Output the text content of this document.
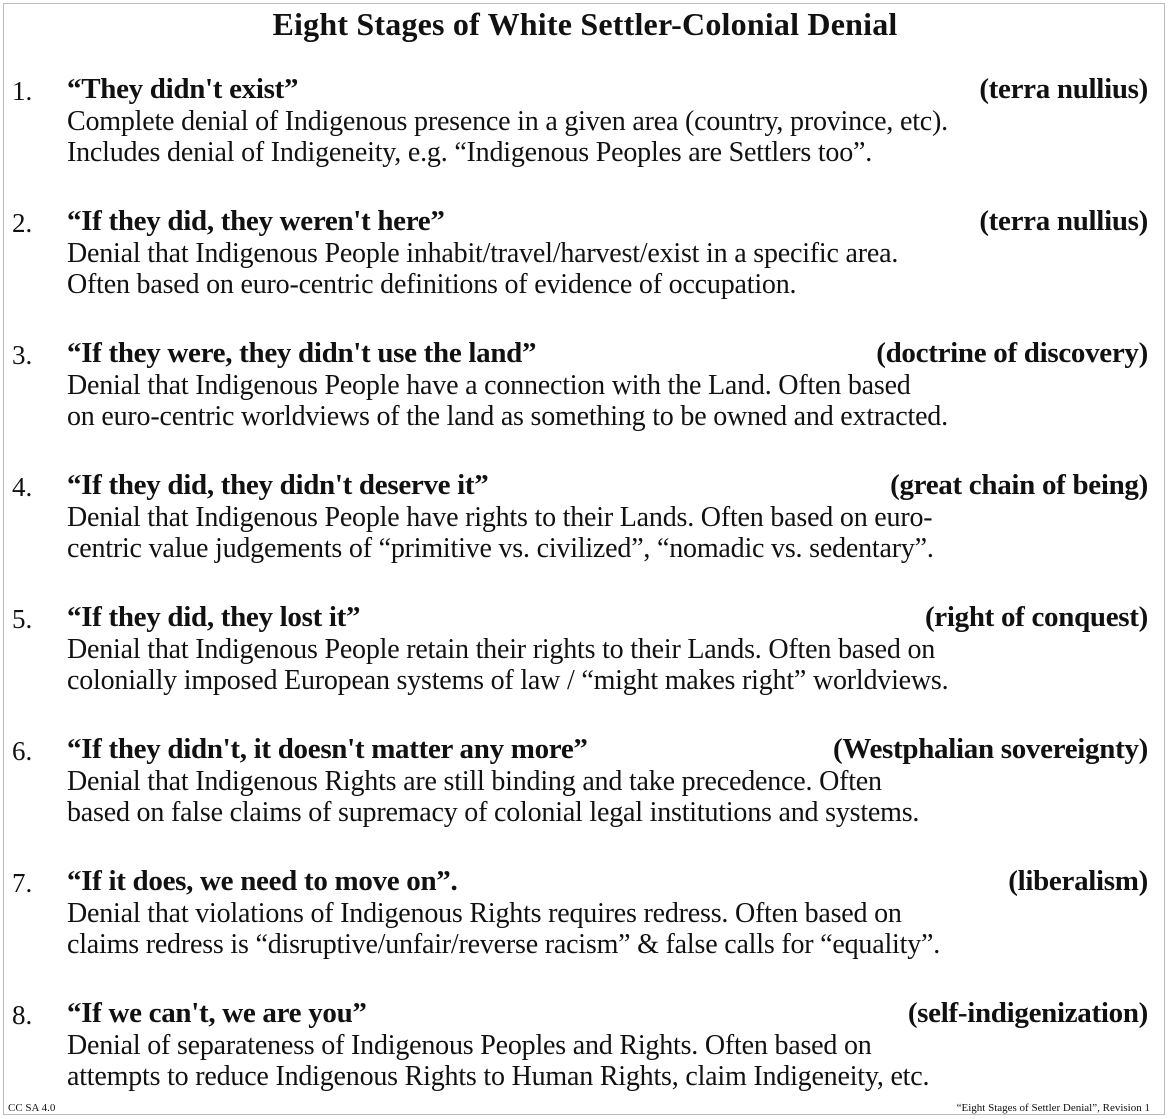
Eight Stages of White Settler-Colonial Denial
1. “They didn't exist”	(terra nullius)
Complete denial of Indigenous presence in a given area (country, province, etc).
Includes denial of Indigeneity, e.g. “Indigenous Peoples are Settlers too”.
2. “If they did, they weren't here”	(terra nullius)
Denial that Indigenous People inhabit/travel/harvest/exist in a specific area.
Often based on euro-centric definitions of evidence of occupation.
3. “If they were, they didn't use the land”	(doctrine of discovery)
Denial that Indigenous People have a connection with the Land. Often based
on euro-centric worldviews of the land as something to be owned and extracted.
4. “If they did, they didn't deserve it”	(great chain of being)
Denial that Indigenous People have rights to their Lands. Often based on euro-
centric value judgements of “primitive vs. civilized”, “nomadic vs. sedentary”.
5. “If they did, they lost it”	(right of conquest)
Denial that Indigenous People retain their rights to their Lands. Often based on
colonially imposed European systems of law / “might makes right” worldviews.
6. “If they didn't, it doesn't matter any more”	(Westphalian sovereignty)
Denial that Indigenous Rights are still binding and take precedence. Often
based on false claims of supremacy of colonial legal institutions and systems.
7. “If it does, we need to move on”.	(liberalism)
Denial that violations of Indigenous Rights requires redress. Often based on
claims redress is “disruptive/unfair/reverse racism” & false calls for “equality”.
8. “If we can't, we are you”	(self-indigenization)
Denial of separateness of Indigenous Peoples and Rights. Often based on
attempts to reduce Indigenous Rights to Human Rights, claim Indigeneity, etc.
CC SA 4.0	“Eight Stages of Settler Denial”, Revision 1
